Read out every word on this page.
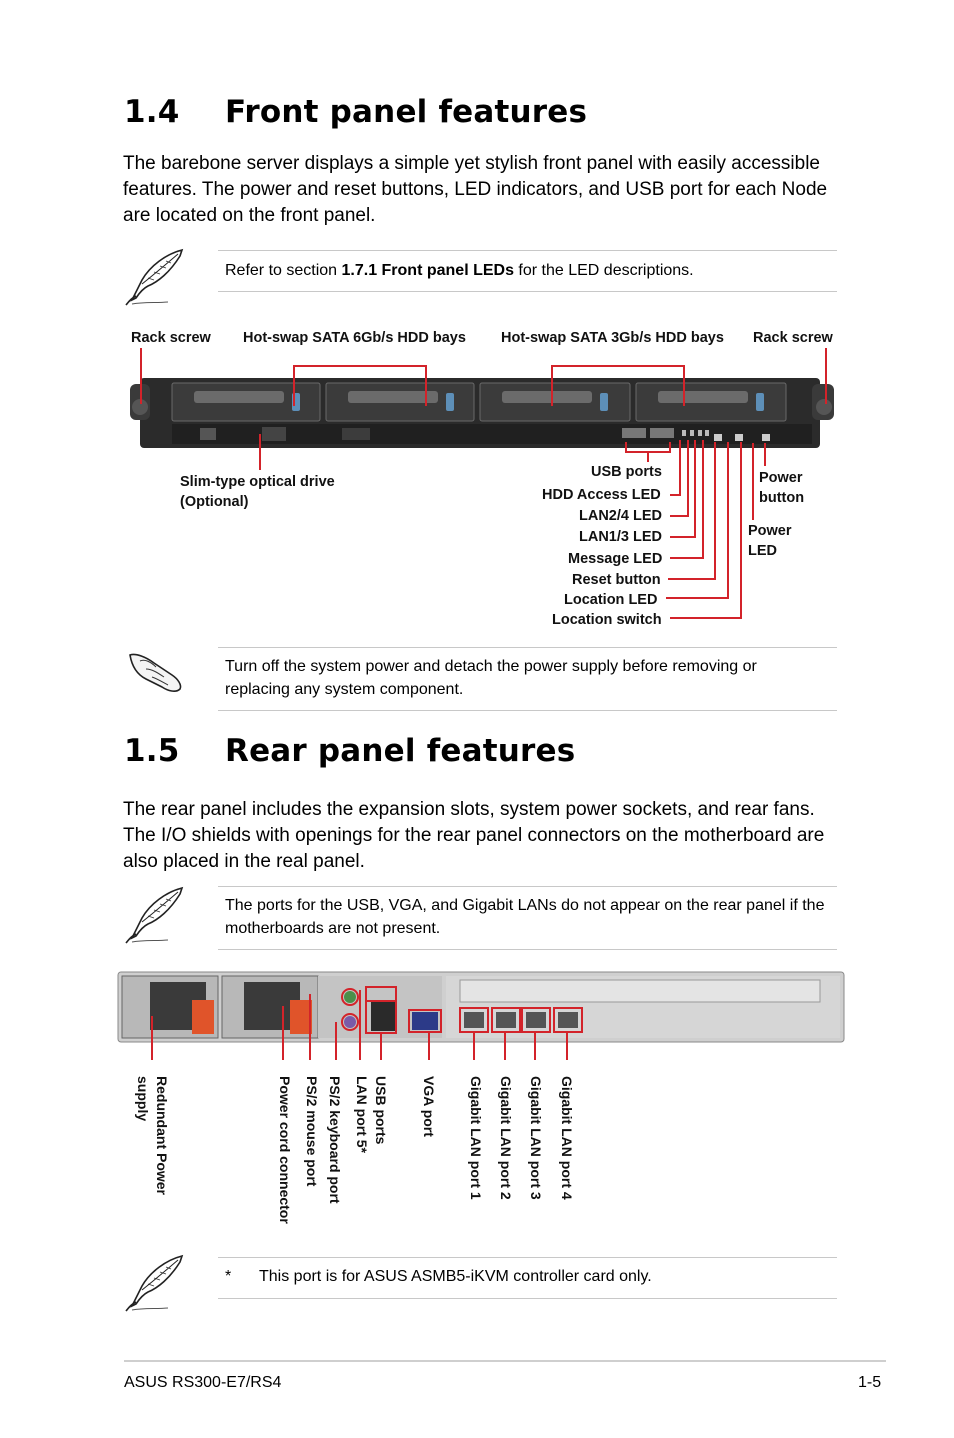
1.4 Front panel features
The barebone server displays a simple yet stylish front panel with easily accessible features. The power and reset buttons, LED indicators, and USB port for each Node are located on the front panel.
Refer to section 1.7.1 Front panel LEDs for the LED descriptions.
Rack screw Hot-swap SATA 6Gb/s HDD bays Hot-swap SATA 3Gb/s HDD bays Rack screw
Slim-type optical drive
(Optional)
USB ports
HDD Access LED
LAN2/4 LED
LAN1/3 LED
Message LED
Reset button
Location LED
Location switch
Power
button
Power
LED
Turn off the system power and detach the power supply before removing or replacing any system component.
1.5 Rear panel features
The rear panel includes the expansion slots, system power sockets, and rear fans. The I/O shields with openings for the rear panel connectors on the motherboard are also placed in the real panel.
The ports for the USB, VGA, and Gigabit LANs do not appear on the rear panel if the motherboards are not present.
Redundant Power
supply	Power cord connector PS/2 mouse port PS/2 keyboard port LAN port 5* USB ports VGA port Gigabit LAN port 1 Gigabit LAN port 2 Gigabit LAN port 3 Gigabit LAN port 4
* This port is for ASUS ASMB5-iKVM controller card only.
ASUS RS300-E7/RS4	1-5
